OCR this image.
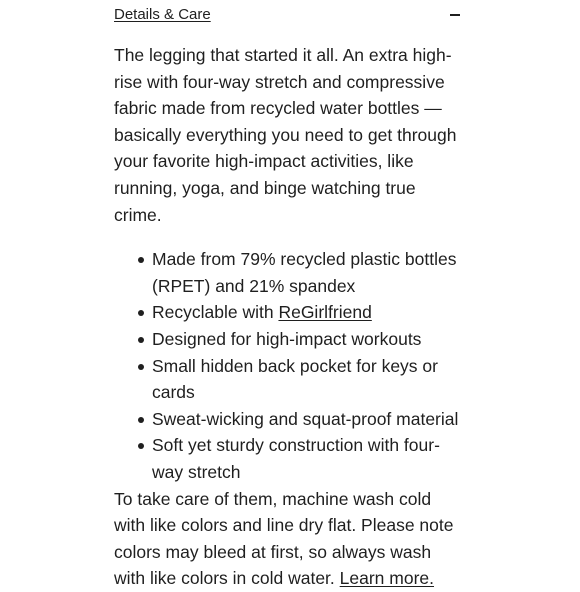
Details & Care

The legging that started it all. An extra high-rise with four-way stretch and compressive fabric made from recycled water bottles — basically everything you need to get through your favorite high-impact activities, like running, yoga, and binge watching true crime.

Made from 79% recycled plastic bottles (RPET) and 21% spandex
Recyclable with ReGirlfriend
Designed for high-impact workouts
Small hidden back pocket for keys or cards
Sweat-wicking and squat-proof material
Soft yet sturdy construction with four-way stretch

To take care of them, machine wash cold with like colors and line dry flat. Please note colors may bleed at first, so always wash with like colors in cold water. Learn more.
